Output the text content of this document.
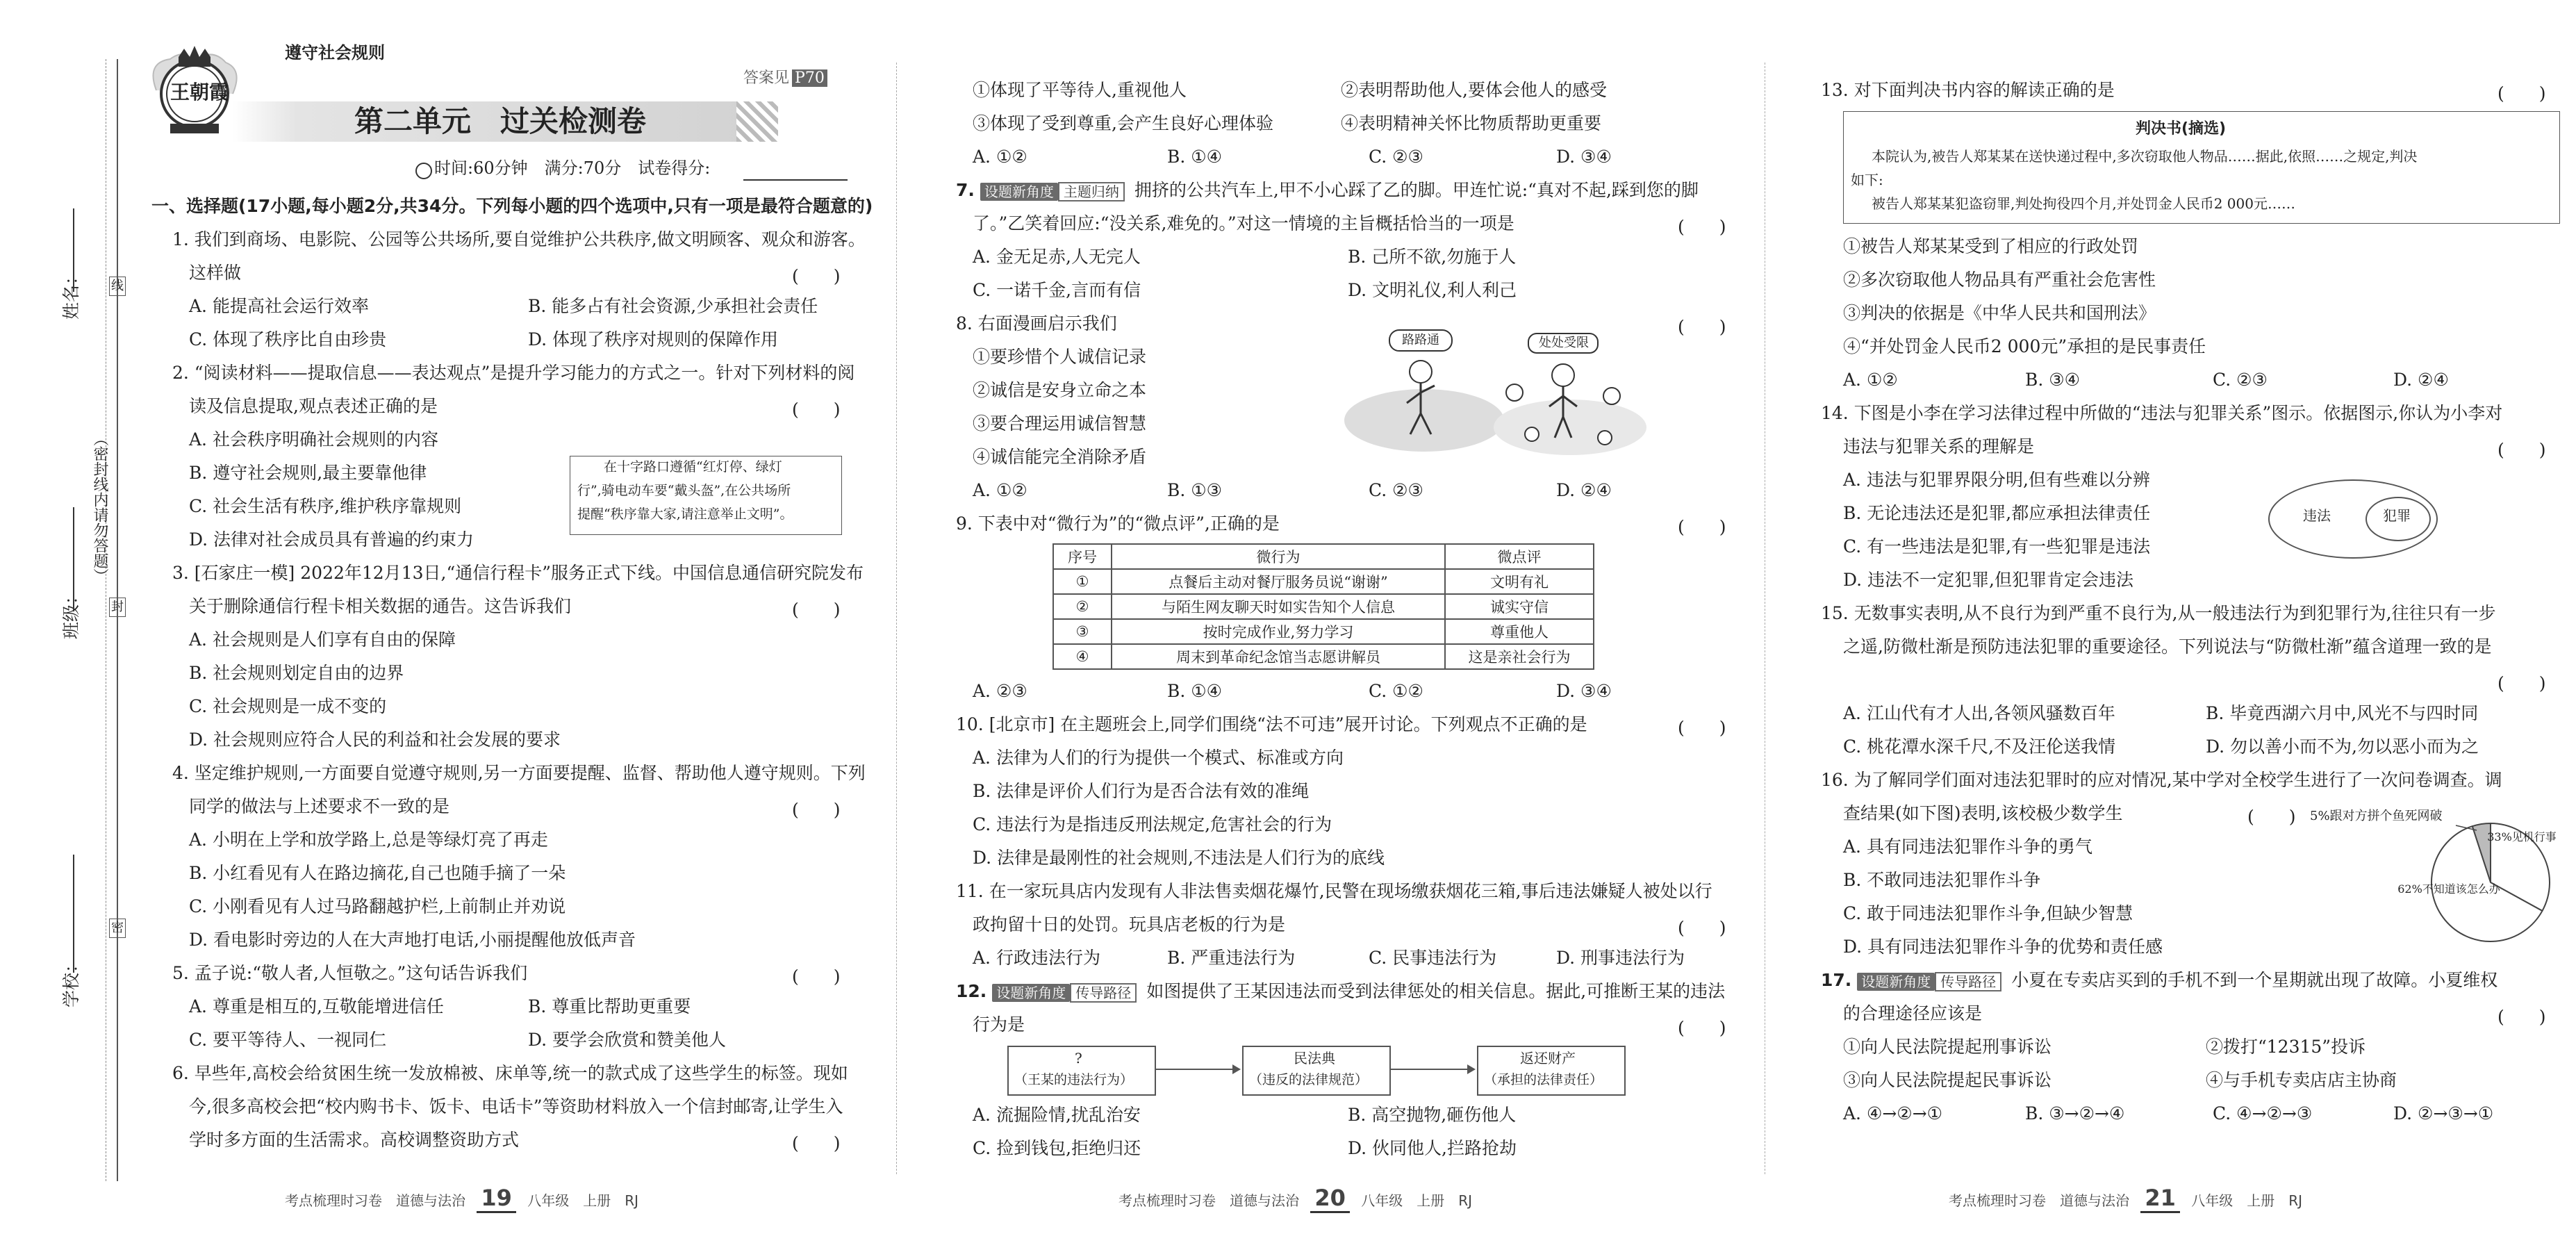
姓名：
班级：
学校：
（密封线内请勿答题）
线
封
密
王朝霞
遵守社会规则
第二单元　过关检测卷
答案见 P70
时间:60分钟　满分:70分　试卷得分:
一、选择题(17小题,每小题2分,共34分。下列每小题的四个选项中,只有一项是最符合题意的)
1. 我们到商场、电影院、公园等公共场所,要自觉维护公共秩序,做文明顾客、观众和游客。
这样做	(　　)
A. 能提高社会运行效率	B. 能多占有社会资源,少承担社会责任
C. 体现了秩序比自由珍贵	D. 体现了秩序对规则的保障作用
2. “阅读材料——提取信息——表达观点”是提升学习能力的方式之一。针对下列材料的阅
读及信息提取,观点表述正确的是	(　　)
A. 社会秩序明确社会规则的内容
B. 遵守社会规则,最主要靠他律
C. 社会生活有秩序,维护秩序靠规则
D. 法律对社会成员具有普遍的约束力
在十字路口遵循“红灯停、绿灯
行”,骑电动车要“戴头盔”,在公共场所
提醒“秩序靠大家,请注意举止文明”。
3. [石家庄一模] 2022年12月13日,“通信行程卡”服务正式下线。中国信息通信研究院发布
关于删除通信行程卡相关数据的通告。这告诉我们	(　　)
A. 社会规则是人们享有自由的保障
B. 社会规则划定自由的边界
C. 社会规则是一成不变的
D. 社会规则应符合人民的利益和社会发展的要求
4. 坚定维护规则,一方面要自觉遵守规则,另一方面要提醒、监督、帮助他人遵守规则。下列
同学的做法与上述要求不一致的是	(　　)
A. 小明在上学和放学路上,总是等绿灯亮了再走
B. 小红看见有人在路边摘花,自己也随手摘了一朵
C. 小刚看见有人过马路翻越护栏,上前制止并劝说
D. 看电影时旁边的人在大声地打电话,小丽提醒他放低声音
5. 孟子说:“敬人者,人恒敬之。”这句话告诉我们	(　　)
A. 尊重是相互的,互敬能增进信任	B. 尊重比帮助更重要
C. 要平等待人、一视同仁	D. 要学会欣赏和赞美他人
6. 早些年,高校会给贫困生统一发放棉被、床单等,统一的款式成了这些学生的标签。现如
今,很多高校会把“校内购书卡、饭卡、电话卡”等资助材料放入一个信封邮寄,让学生入
学时多方面的生活需求。高校调整资助方式	(　　)
考点梳理时习卷　道德与法治 19 八年级　上册　RJ
①体现了平等待人,重视他人	②表明帮助他人,要体会他人的感受
③体现了受到尊重,会产生良好心理体验	④表明精神关怀比物质帮助更重要
A. ①②	B. ①④	C. ②③	D. ③④
7. 设题新角度 主题归纳 拥挤的公共汽车上,甲不小心踩了乙的脚。甲连忙说:“真对不起,踩到您的脚
了。”乙笑着回应:“没关系,难免的。”对这一情境的主旨概括恰当的一项是	(　　)
A. 金无足赤,人无完人	B. 己所不欲,勿施于人
C. 一诺千金,言而有信	D. 文明礼仪,利人利己
8. 右面漫画启示我们	(　　)
①要珍惜个人诚信记录
②诚信是安身立命之本
③要合理运用诚信智慧
④诚信能完全消除矛盾
路路通	处处受限
A. ①②	B. ①③	C. ②③	D. ②④
9. 下表中对“微行为”的“微点评”,正确的是	(　　)
序号	微行为	微点评
①	点餐后主动对餐厅服务员说“谢谢”	文明有礼
②	与陌生网友聊天时如实告知个人信息	诚实守信
③	按时完成作业,努力学习	尊重他人
④	周末到革命纪念馆当志愿讲解员	这是亲社会行为
A. ②③	B. ①④	C. ①②	D. ③④
10. [北京市] 在主题班会上,同学们围绕“法不可违”展开讨论。下列观点不正确的是	(　　)
A. 法律为人们的行为提供一个模式、标准或方向
B. 法律是评价人们行为是否合法有效的准绳
C. 违法行为是指违反刑法规定,危害社会的行为
D. 法律是最刚性的社会规则,不违法是人们行为的底线
11. 在一家玩具店内发现有人非法售卖烟花爆竹,民警在现场缴获烟花三箱,事后违法嫌疑人被处以行
政拘留十日的处罚。玩具店老板的行为是	(　　)
A. 行政违法行为	B. 严重违法行为	C. 民事违法行为	D. 刑事违法行为
12. 设题新角度 传导路径 如图提供了王某因违法而受到法律惩处的相关信息。据此,可推断王某的违法
行为是	(　　)
?
（王某的违法行为）
民法典
（违反的法律规范）
返还财产
（承担的法律责任）
A. 流掘险情,扰乱治安	B. 高空抛物,砸伤他人
C. 捡到钱包,拒绝归还	D. 伙同他人,拦路抢劫
考点梳理时习卷　道德与法治 20 八年级　上册　RJ
13. 对下面判决书内容的解读正确的是	(　　)
判决书(摘选)
本院认为,被告人郑某某在送快递过程中,多次窃取他人物品……据此,依照……之规定,判决
如下:
被告人郑某某犯盗窃罪,判处拘役四个月,并处罚金人民币2 000元……
①被告人郑某某受到了相应的行政处罚
②多次窃取他人物品具有严重社会危害性
③判决的依据是《中华人民共和国刑法》
④“并处罚金人民币2 000元”承担的是民事责任
A. ①②	B. ③④	C. ②③	D. ②④
14. 下图是小李在学习法律过程中所做的“违法与犯罪关系”图示。依据图示,你认为小李对
违法与犯罪关系的理解是	(　　)
A. 违法与犯罪界限分明,但有些难以分辨
B. 无论违法还是犯罪,都应承担法律责任
C. 有一些违法是犯罪,有一些犯罪是违法
D. 违法不一定犯罪,但犯罪肯定会违法
违法	犯罪
15. 无数事实表明,从不良行为到严重不良行为,从一般违法行为到犯罪行为,往往只有一步
之遥,防微杜渐是预防违法犯罪的重要途径。下列说法与“防微杜渐”蕴含道理一致的是
(　　)
A. 江山代有才人出,各领风骚数百年	B. 毕竟西湖六月中,风光不与四时同
C. 桃花潭水深千尺,不及汪伦送我情	D. 勿以善小而不为,勿以恶小而为之
16. 为了解同学们面对违法犯罪时的应对情况,某中学对全校学生进行了一次问卷调查。调
查结果(如下图)表明,该校极少数学生	(　　)
A. 具有同违法犯罪作斗争的勇气
B. 不敢同违法犯罪作斗争
C. 敢于同违法犯罪作斗争,但缺少智慧
D. 具有同违法犯罪作斗争的优势和责任感
5%跟对方拼个鱼死网破
33%见机行事
62%不知道该怎么办
17. 设题新角度 传导路径 小夏在专卖店买到的手机不到一个星期就出现了故障。小夏维权
的合理途径应该是	(　　)
①向人民法院提起刑事诉讼	②拨打“12315”投诉
③向人民法院提起民事诉讼	④与手机专卖店店主协商
A. ④→②→①	B. ③→②→④	C. ④→②→③	D. ②→③→①
考点梳理时习卷　道德与法治 21 八年级　上册　RJ
